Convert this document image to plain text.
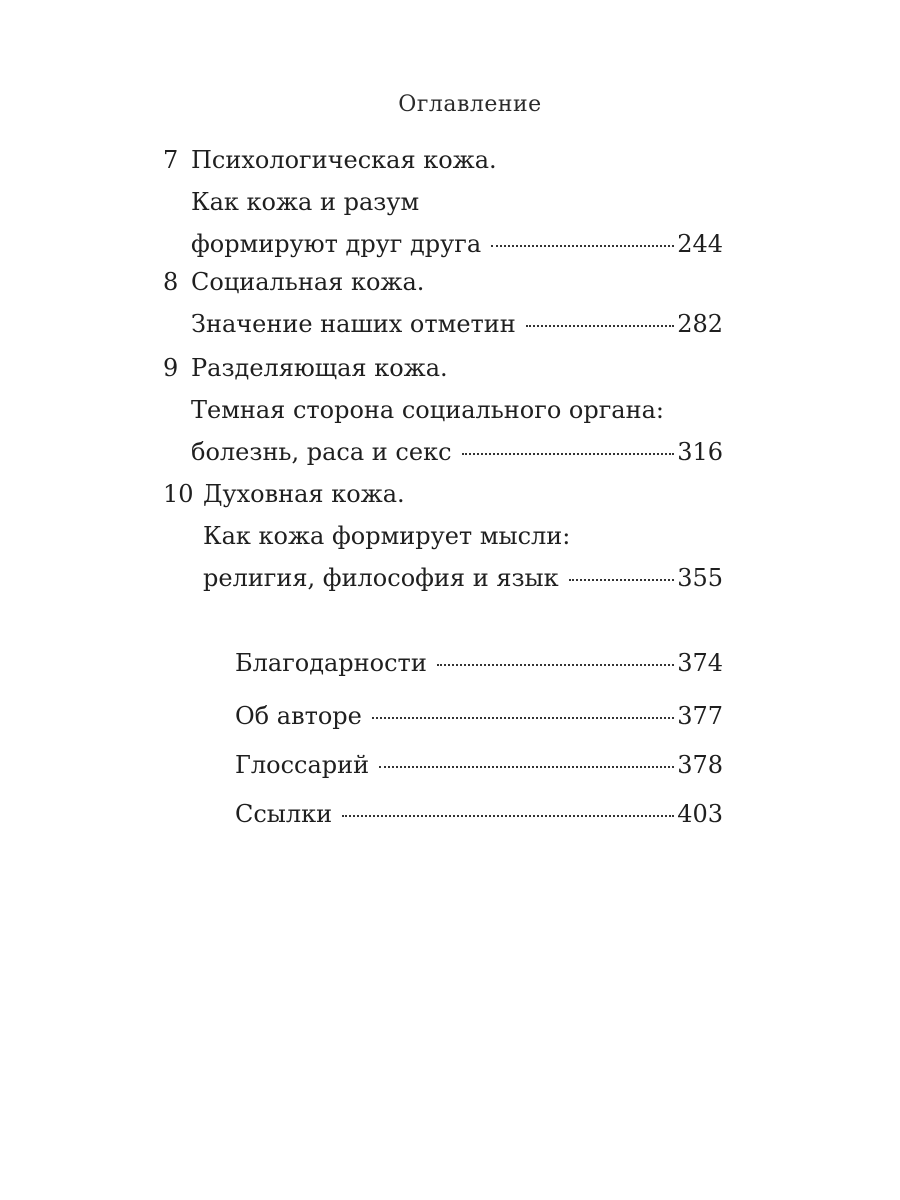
Оглавление
7 Психологическая кожа.
Как кожа и разум
формируют друг друга	244
8 Социальная кожа.
Значение наших отметин	282
9 Разделяющая кожа.
Темная сторона социального органа:
болезнь, раса и секс	316
10 Духовная кожа.
Как кожа формирует мысли:
религия, философия и язык	355
Благодарности	374
Об авторе	377
Глоссарий	378
Ссылки	403
